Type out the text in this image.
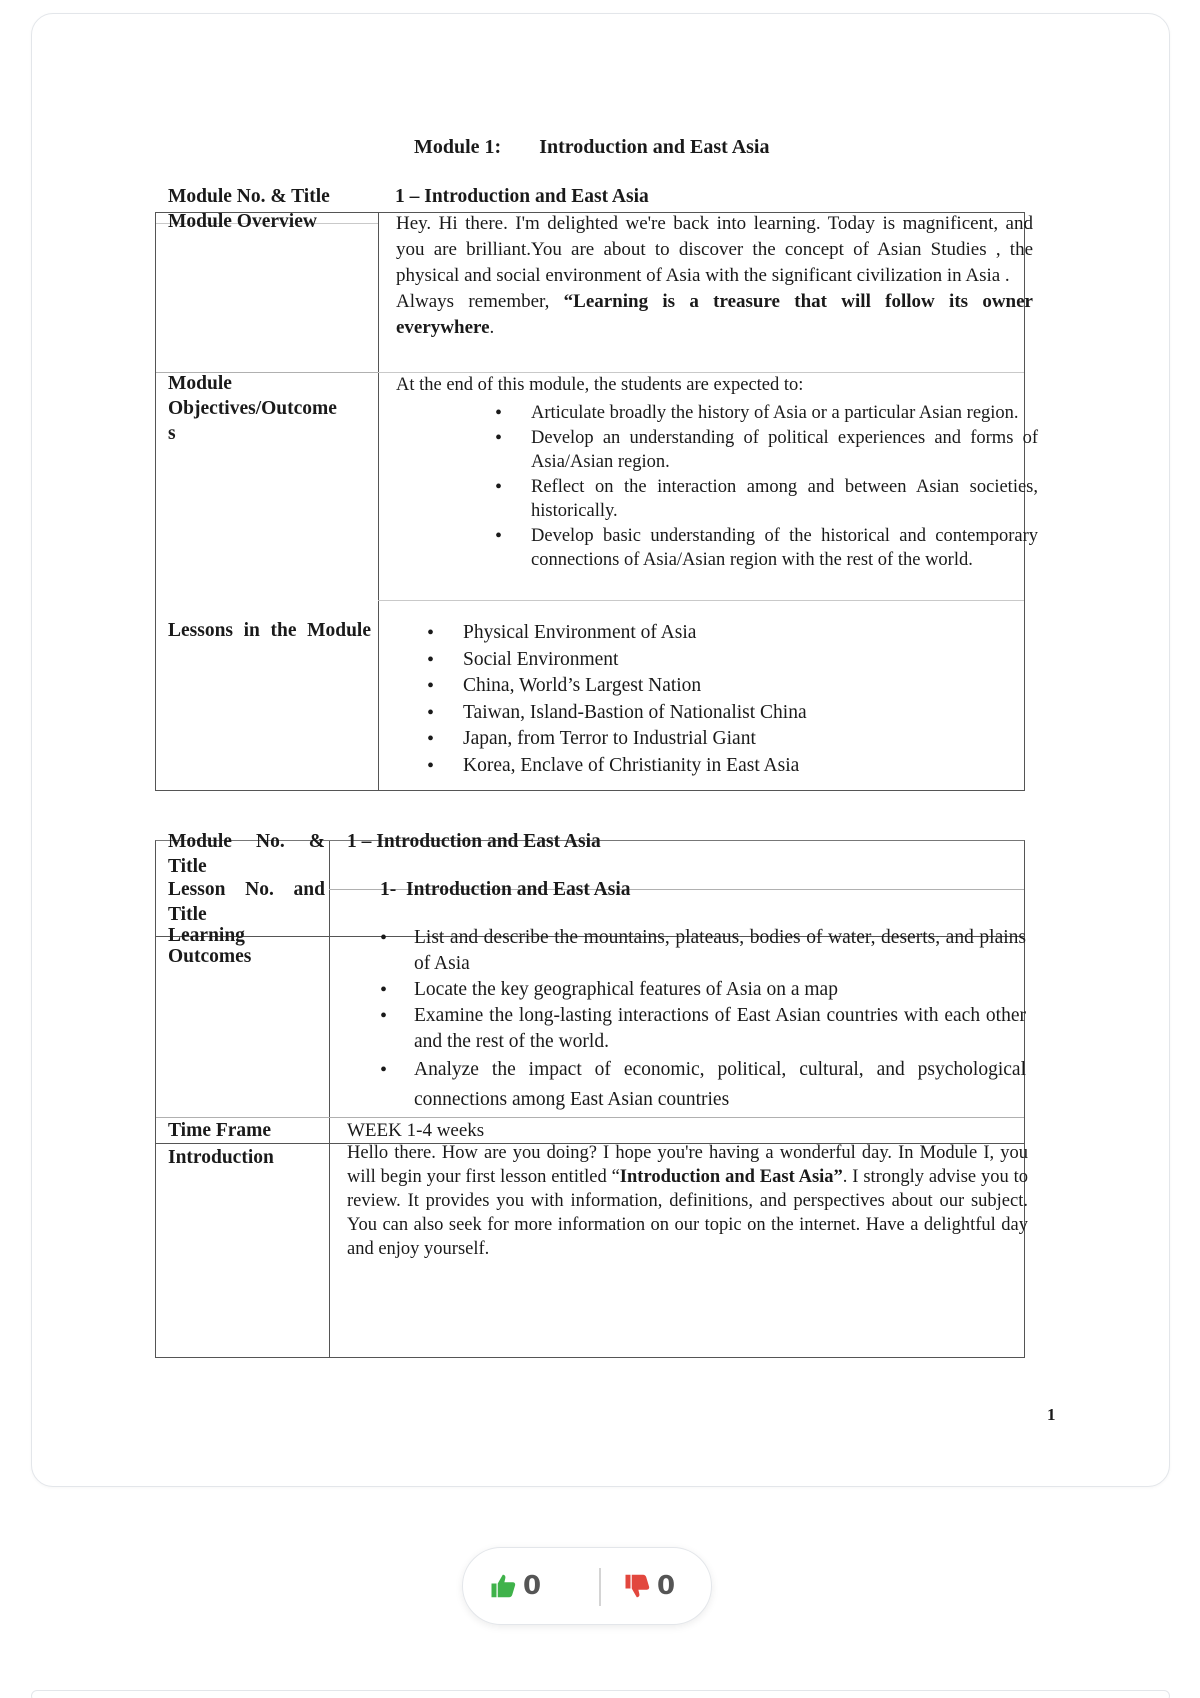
Module 1: Introduction and East Asia
Module No. & Title	1 – Introduction and East Asia
Module Overview	Hey. Hi there. I'm delighted we're back into learning. Today is magnificent, and you are brilliant.You are about to discover the concept of Asian Studies , the physical and social environment of Asia with the significant civilization in Asia .
Always remember, “Learning is a treasure that will follow its owner everywhere.
Module
Objectives/Outcome
s
At the end of this module, the students are expected to:
• Articulate broadly the history of Asia or a particular Asian region.
• Develop an understanding of political experiences and forms of Asia/Asian region.
• Reflect on the interaction among and between Asian societies, historically.
• Develop basic understanding of the historical and contemporary connections of Asia/Asian region with the rest of the world.
Lessons in the Module
•	Physical Environment of Asia
• Social Environment
• China, World’s Largest Nation
• Taiwan, Island-Bastion of Nationalist China
• Japan, from Terror to Industrial Giant
• Korea, Enclave of Christianity in East Asia
Module No. & Title
1 – Introduction and East Asia
Lesson No. and Title
1-  Introduction and East Asia
Learning Outcomes
• List and describe the mountains, plateaus, bodies of water, deserts, and plains of Asia
• Locate the key geographical features of Asia on a map
• Examine the long-lasting interactions of East Asian countries with each other and the rest of the world.
• Analyze the impact of economic, political, cultural, and psychological connections among East Asian countries
Time Frame	WEEK 1-4 weeks
Introduction	Hello there. How are you doing? I hope you're having a wonderful day. In Module I, you will begin your first lesson entitled “Introduction and East Asia”. I strongly advise you to review. It provides you with information, definitions, and perspectives about our subject. You can also seek for more information on our topic on the internet. Have a delightful day and enjoy yourself.
1
0	0
